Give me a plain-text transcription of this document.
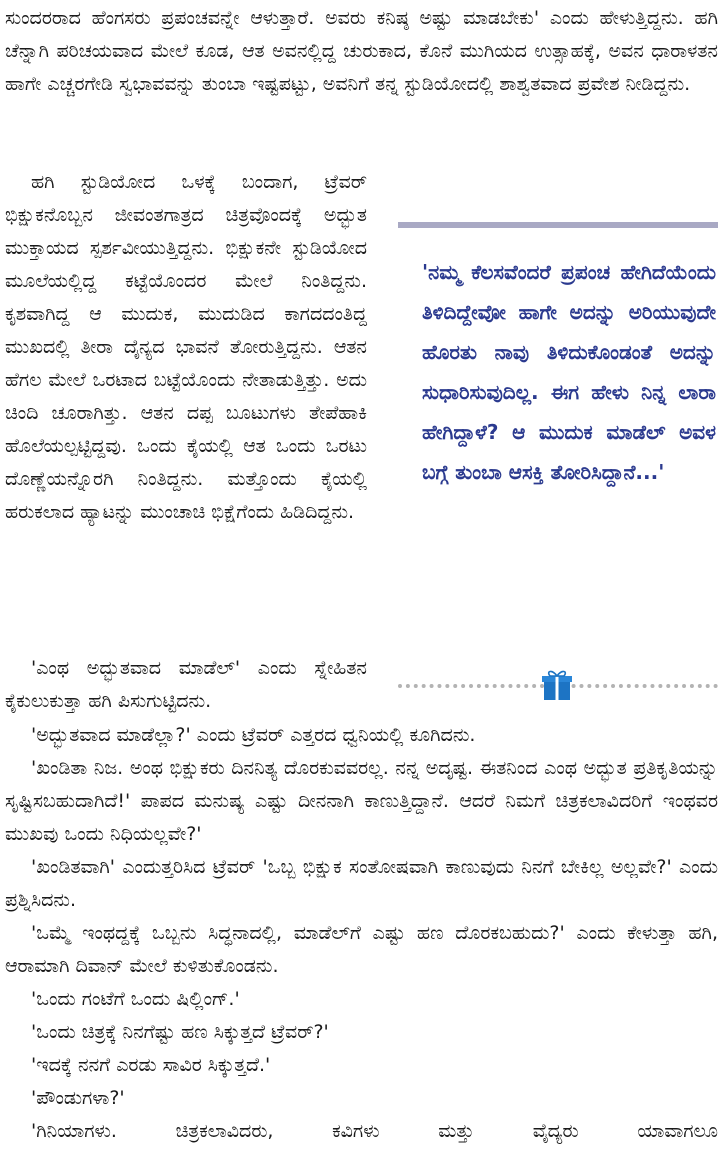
ಸುಂದರರಾದ ಹೆಂಗಸರು ಪ್ರಪಂಚವನ್ನೇ ಆಳುತ್ತಾರೆ. ಅವರು ಕನಿಷ್ಠ ಅಷ್ಟು ಮಾಡಬೇಕು' ಎಂದು ಹೇಳುತ್ತಿದ್ದನು. ಹಗಿ ಚೆನ್ನಾಗಿ ಪರಿಚಯವಾದ ಮೇಲೆ ಕೂಡ, ಆತ ಅವನಲ್ಲಿದ್ದ ಚುರುಕಾದ, ಕೊನೆ ಮುಗಿಯದ ಉತ್ಸಾಹಕ್ಕೆ, ಅವನ ಧಾರಾಳತನ ಹಾಗೇ ಎಚ್ಚರಗೇಡಿ ಸ್ವಭಾವವನ್ನು ತುಂಬಾ ಇಷ್ಟಪಟ್ಟು, ಅವನಿಗೆ ತನ್ನ ಸ್ಟುಡಿಯೋದಲ್ಲಿ ಶಾಶ್ವತವಾದ ಪ್ರವೇಶ ನೀಡಿದ್ದನು.

ಹಗಿ ಸ್ಟುಡಿಯೋದ ಒಳಕ್ಕೆ ಬಂದಾಗ, ಟ್ರೆವರ್ ಭಿಕ್ಷುಕನೊಬ್ಬನ ಜೀವಂತಗಾತ್ರದ ಚಿತ್ರವೊಂದಕ್ಕೆ ಅದ್ಭುತ ಮುಕ್ತಾಯದ ಸ್ಪರ್ಶವೀಯುತ್ತಿದ್ದನು. ಭಿಕ್ಷುಕನೇ ಸ್ಟುಡಿಯೋದ ಮೂಲೆಯಲ್ಲಿದ್ದ ಕಟ್ಟೆಯೊಂದರ ಮೇಲೆ ನಿಂತಿದ್ದನು. ಕೃಶವಾಗಿದ್ದ ಆ ಮುದುಕ, ಮುದುಡಿದ ಕಾಗದದಂತಿದ್ದ ಮುಖದಲ್ಲಿ ತೀರಾ ದೈನ್ಯದ ಭಾವನೆ ತೋರುತ್ತಿದ್ದನು. ಆತನ ಹೆಗಲ ಮೇಲೆ ಒರಟಾದ ಬಟ್ಟೆಯೊಂದು ನೇತಾಡುತ್ತಿತ್ತು. ಅದು ಚಿಂದಿ ಚೂರಾಗಿತ್ತು. ಆತನ ದಪ್ಪ ಬೂಟುಗಳು ತೇಪೆಹಾಕಿ ಹೊಲೆಯಲ್ಪಟ್ಟಿದ್ದವು. ಒಂದು ಕೈಯಲ್ಲಿ ಆತ ಒಂದು ಒರಟು ದೊಣ್ಣೆಯನ್ನೊರಗಿ ನಿಂತಿದ್ದನು. ಮತ್ತೊಂದು ಕೈಯಲ್ಲಿ ಹರುಕಲಾದ ಹ್ಯಾಟನ್ನು ಮುಂಚಾಚಿ ಭಿಕ್ಷೆಗೆಂದು ಹಿಡಿದಿದ್ದನು.

'ಎಂಥ ಅದ್ಭುತವಾದ ಮಾಡೆಲ್' ಎಂದು ಸ್ನೇಹಿತನ ಕೈಕುಲುಕುತ್ತಾ ಹಗಿ ಪಿಸುಗುಟ್ಟಿದನು.

'ನಮ್ಮ ಕೆಲಸವೆಂದರೆ ಪ್ರಪಂಚ ಹೇಗಿದೆಯೆಂದು ತಿಳಿದಿದ್ದೇವೋ ಹಾಗೇ ಅದನ್ನು ಅರಿಯುವುದೇ ಹೊರತು ನಾವು ತಿಳಿದುಕೊಂಡಂತೆ ಅದನ್ನು ಸುಧಾರಿಸುವುದಿಲ್ಲ. ಈಗ ಹೇಳು ನಿನ್ನ ಲಾರಾ ಹೇಗಿದ್ದಾಳೆ? ಆ ಮುದುಕ ಮಾಡೆಲ್ ಅವಳ ಬಗ್ಗೆ ತುಂಬಾ ಆಸಕ್ತಿ ತೋರಿಸಿದ್ದಾನೆ...'

'ಅದ್ಭುತವಾದ ಮಾಡೆಲ್ಲಾ?' ಎಂದು ಟ್ರೆವರ್ ಎತ್ತರದ ಧ್ವನಿಯಲ್ಲಿ ಕೂಗಿದನು.

'ಖಂಡಿತಾ ನಿಜ. ಅಂಥ ಭಿಕ್ಷುಕರು ದಿನನಿತ್ಯ ದೊರಕುವವರಲ್ಲ. ನನ್ನ ಅದೃಷ್ಟ. ಈತನಿಂದ ಎಂಥ ಅದ್ಭುತ ಪ್ರತಿಕೃತಿಯನ್ನು ಸೃಷ್ಟಿಸಬಹುದಾಗಿದೆ!' ಪಾಪದ ಮನುಷ್ಯ ಎಷ್ಟು ದೀನನಾಗಿ ಕಾಣುತ್ತಿದ್ದಾನೆ. ಆದರೆ ನಿಮಗೆ ಚಿತ್ರಕಲಾವಿದರಿಗೆ ಇಂಥವರ ಮುಖವು ಒಂದು ನಿಧಿಯಲ್ಲವೇ?'

'ಖಂಡಿತವಾಗಿ' ಎಂದುತ್ತರಿಸಿದ ಟ್ರೆವರ್ 'ಒಬ್ಬ ಭಿಕ್ಷುಕ ಸಂತೋಷವಾಗಿ ಕಾಣುವುದು ನಿನಗೆ ಬೇಕಿಲ್ಲ ಅಲ್ಲವೇ?' ಎಂದು ಪ್ರಶ್ನಿಸಿದನು.

'ಒಮ್ಮೆ ಇಂಥದ್ದಕ್ಕೆ ಒಬ್ಬನು ಸಿದ್ಧನಾದಲ್ಲಿ, ಮಾಡೆಲ್‌ಗೆ ಎಷ್ಟು ಹಣ ದೊರಕಬಹುದು?' ಎಂದು ಕೇಳುತ್ತಾ ಹಗಿ, ಆರಾಮಾಗಿ ದಿವಾನ್ ಮೇಲೆ ಕುಳಿತುಕೊಂಡನು.

'ಒಂದು ಗಂಟೆಗೆ ಒಂದು ಷಿಲ್ಲಿಂಗ್.'

'ಒಂದು ಚಿತ್ರಕ್ಕೆ ನಿನಗೆಷ್ಟು ಹಣ ಸಿಕ್ಕುತ್ತದೆ ಟ್ರೆವರ್?'

'ಇದಕ್ಕೆ ನನಗೆ ಎರಡು ಸಾವಿರ ಸಿಕ್ಕುತ್ತದೆ.'

'ಪೌಂಡುಗಳಾ?'

'ಗಿನಿಯಾಗಳು. ಚಿತ್ರಕಲಾವಿದರು, ಕವಿಗಳು ಮತ್ತು ವೈದ್ಯರು ಯಾವಾಗಲೂ
